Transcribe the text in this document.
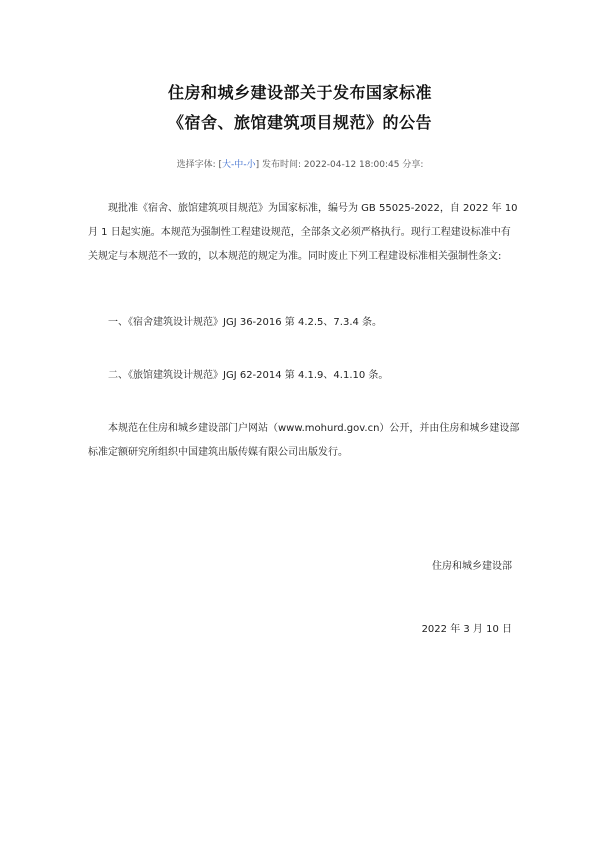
住房和城乡建设部关于发布国家标准
《宿舍、旅馆建筑项目规范》的公告
选择字体: [大-中-小] 发布时间: 2022-04-12 18:00:45 分享:
现批准《宿舍、旅馆建筑项目规范》为国家标准，编号为 GB 55025-2022，自 2022 年 10 月 1 日起实施。本规范为强制性工程建设规范，全部条文必须严格执行。现行工程建设标准中有关规定与本规范不一致的，以本规范的规定为准。同时废止下列工程建设标准相关强制性条文:
一、《宿舍建筑设计规范》JGJ 36-2016 第 4.2.5、7.3.4 条。
二、《旅馆建筑设计规范》JGJ 62-2014 第 4.1.9、4.1.10 条。
本规范在住房和城乡建设部门户网站（www.mohurd.gov.cn）公开，并由住房和城乡建设部标准定额研究所组织中国建筑出版传媒有限公司出版发行。
住房和城乡建设部
2022 年 3 月 10 日
